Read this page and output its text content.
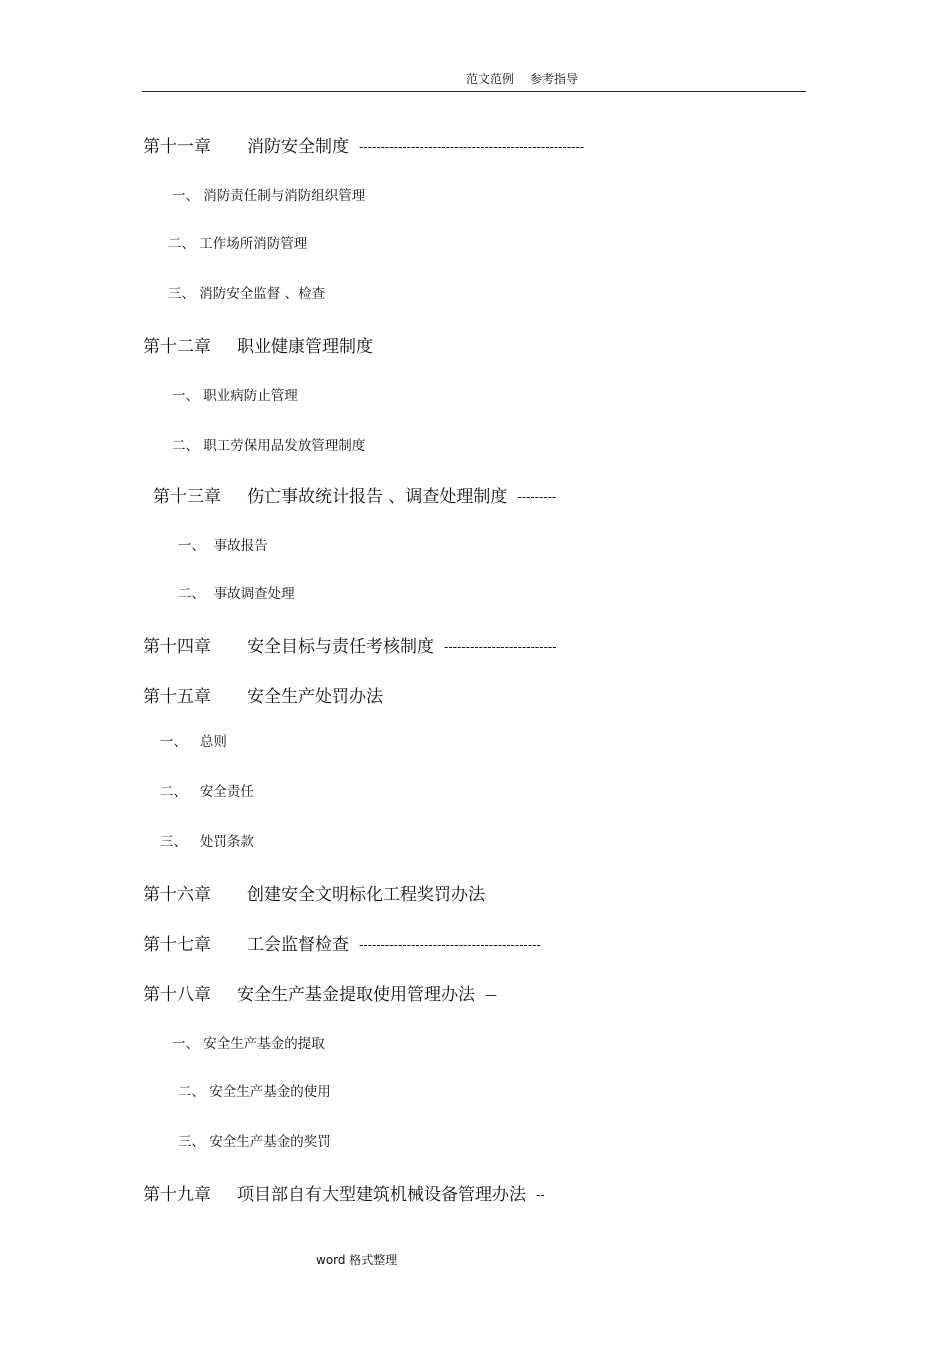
范文范例 参考指导
第十一章 消防安全制度 ----------------------------------------------------
一、 消防责任制与消防组织管理
二、 工作场所消防管理
三、 消防安全监督 、检查
第十二章 职业健康管理制度
一、 职业病防止管理
二、 职工劳保用品发放管理制度
第十三章 伤亡事故统计报告 、调查处理制度 ---------
一、  事故报告
二、  事故调查处理
第十四章 安全目标与责任考核制度 --------------------------
第十五章 安全生产处罚办法
一、   总则
二、   安全责任
三、   处罚条款
第十六章 创建安全文明标化工程奖罚办法
第十七章 工会监督检查 ------------------------------------------
第十八章 安全生产基金提取使用管理办法 —
一、 安全生产基金的提取
二、 安全生产基金的使用
三、 安全生产基金的奖罚
第十九章 项目部自有大型建筑机械设备管理办法 --
word 格式整理
